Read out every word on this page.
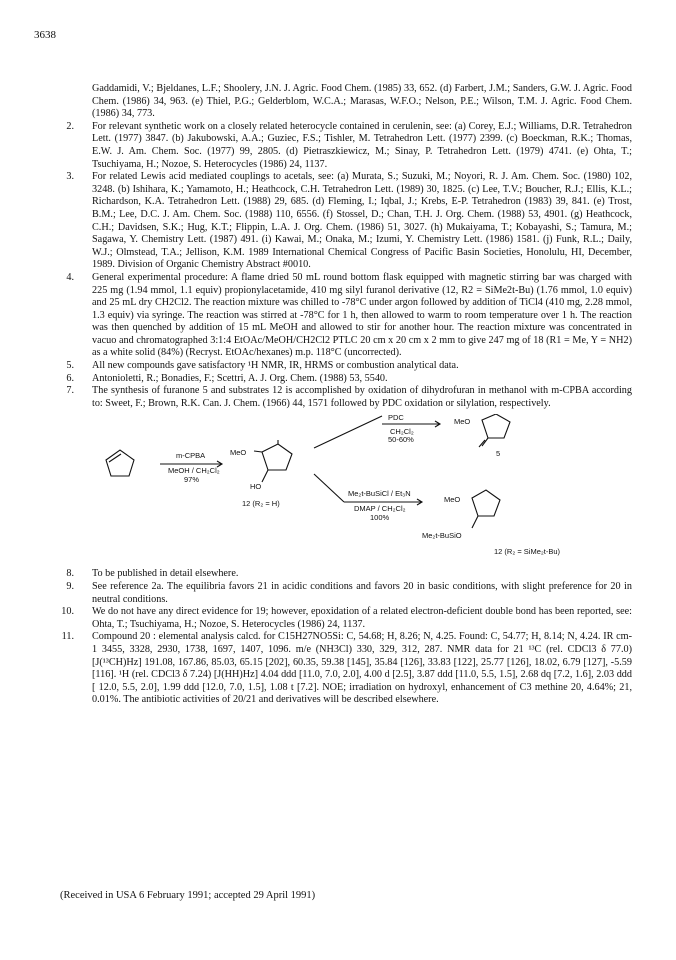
3638
Gaddamidi, V.; Bjeldanes, L.F.; Shoolery, J.N. J. Agric. Food Chem. (1985) 33, 652. (d) Farbert, J.M.; Sanders, G.W. J. Agric. Food Chem. (1986) 34, 963. (e) Thiel, P.G.; Gelderblom, W.C.A.; Marasas, W.F.O.; Nelson, P.E.; Wilson, T.M. J. Agric. Food Chem. (1986) 34, 773.
2. For relevant synthetic work on a closely related heterocycle contained in cerulenin, see: (a) Corey, E.J.; Williams, D.R. Tetrahedron Lett. (1977) 3847. (b) Jakubowski, A.A.; Guziec, F.S.; Tishler, M. Tetrahedron Lett. (1977) 2399. (c) Boeckman, R.K.; Thomas, E.W. J. Am. Chem. Soc. (1977) 99, 2805. (d) Pietraszkiewicz, M.; Sinay, P. Tetrahedron Lett. (1979) 4741. (e) Ohta, T.; Tsuchiyama, H.; Nozoe, S. Heterocycles (1986) 24, 1137.
3. For related Lewis acid mediated couplings to acetals, see: (a) Murata, S.; Suzuki, M.; Noyori, R. J. Am. Chem. Soc. (1980) 102, 3248. (b) Ishihara, K.; Yamamoto, H.; Heathcock, C.H. Tetrahedron Lett. (1989) 30, 1825. (c) Lee, T.V.; Boucher, R.J.; Ellis, K.L.; Richardson, K.A. Tetrahedron Lett. (1988) 29, 685. (d) Fleming, I.; Iqbal, J.; Krebs, E-P. Tetrahedron (1983) 39, 841. (e) Trost, B.M.; Lee, D.C. J. Am. Chem. Soc. (1988) 110, 6556. (f) Stossel, D.; Chan, T.H. J. Org. Chem. (1988) 53, 4901. (g) Heathcock, C.H.; Davidsen, S.K.; Hug, K.T.; Flippin, L.A. J. Org. Chem. (1986) 51, 3027. (h) Mukaiyama, T.; Kobayashi, S.; Tamura, M.; Sagawa, Y. Chemistry Lett. (1987) 491. (i) Kawai, M.; Onaka, M.; Izumi, Y. Chemistry Lett. (1986) 1581. (j) Funk, R.L.; Daily, W.J.; Olmstead, T.A.; Jellison, K.M. 1989 International Chemical Congress of Pacific Basin Societies, Honolulu, HI, December, 1989. Division of Organic Chemistry Abstract #0010.
4. General experimental procedure: A flame dried 50 mL round bottom flask equipped with magnetic stirring bar was charged with 225 mg (1.94 mmol, 1.1 equiv) propionylacetamide, 410 mg silyl furanol derivative (12, R2 = SiMe2t-Bu) (1.76 mmol, 1.0 equiv) and 25 mL dry CH2Cl2. The reaction mixture was chilled to -78°C under argon followed by addition of TiCl4 (410 mg, 2.28 mmol, 1.3 equiv) via syringe. The reaction was stirred at -78°C for 1 h, then allowed to warm to room temperature over 1 h. The reaction was then quenched by addition of 15 mL MeOH and allowed to stir for another hour. The reaction mixture was concentrated in vacuo and chromatographed 3:1:4 EtOAc/MeOH/CH2Cl2 PTLC 20 cm x 20 cm x 2 mm to give 247 mg of 18 (R1 = Me, Y = NH2) as a white solid (84%) (Recryst. EtOAc/hexanes) m.p. 118°C (uncorrected).
5. All new compounds gave satisfactory ¹H NMR, IR, HRMS or combustion analytical data.
6. Antonioletti, R.; Bonadies, F.; Scettri, A. J. Org. Chem. (1988) 53, 5540.
7. The synthesis of furanone 5 and substrates 12 is accomplished by oxidation of dihydrofuran in methanol with m-CPBA according to: Sweet, F.; Brown, R.K. Can. J. Chem. (1966) 44, 1571 followed by PDC oxidation or silylation, respectively.
m-CPBA
MeOH / CH₂Cl₂
97%
MeO
HO
12 (R₂ = H)
PDC
CH₂Cl₂
50-60%
MeO
5
Me₂t-BuSiCl / Et₃N
DMAP / CH₂Cl₂
100%
MeO
Me₂t-BuSiO
12 (R₂ = SiMe₂t-Bu)
8. To be published in detail elsewhere.
9. See reference 2a. The equilibria favors 21 in acidic conditions and favors 20 in basic conditions, with slight preference for 20 in neutral conditions.
10. We do not have any direct evidence for 19; however, epoxidation of a related electron-deficient double bond has been reported, see: Ohta, T.; Tsuchiyama, H.; Nozoe, S. Heterocycles (1986) 24, 1137.
11. Compound 20 : elemental analysis calcd. for C15H27NO5Si: C, 54.68; H, 8.26; N, 4.25. Found: C, 54.77; H, 8.14; N, 4.24. IR cm-1 3455, 3328, 2930, 1738, 1697, 1407, 1096. m/e (NH3Cl) 330, 329, 312, 287. NMR data for 21 ¹³C (rel. CDCl3 δ 77.0) [J(¹³CH)Hz] 191.08, 167.86, 85.03, 65.15 [202], 60.35, 59.38 [145], 35.84 [126], 33.83 [122], 25.77 [126], 18.02, 6.79 [127], -5.59 [116]. ¹H (rel. CDCl3 δ 7.24) [J(HH)Hz] 4.04 ddd [11.0, 7.0, 2.0], 4.00 d [2.5], 3.87 ddd [11.0, 5.5, 1.5], 2.68 dq [7.2, 1.6], 2.03 ddd [ 12.0, 5.5, 2.0], 1.99 ddd [12.0, 7.0, 1.5], 1.08 t [7.2]. NOE; irradiation on hydroxyl, enhancement of C3 methine 20, 4.64%; 21, 0.01%. The antibiotic activities of 20/21 and derivatives will be described elsewhere.
(Received in USA 6 February 1991; accepted 29 April 1991)
